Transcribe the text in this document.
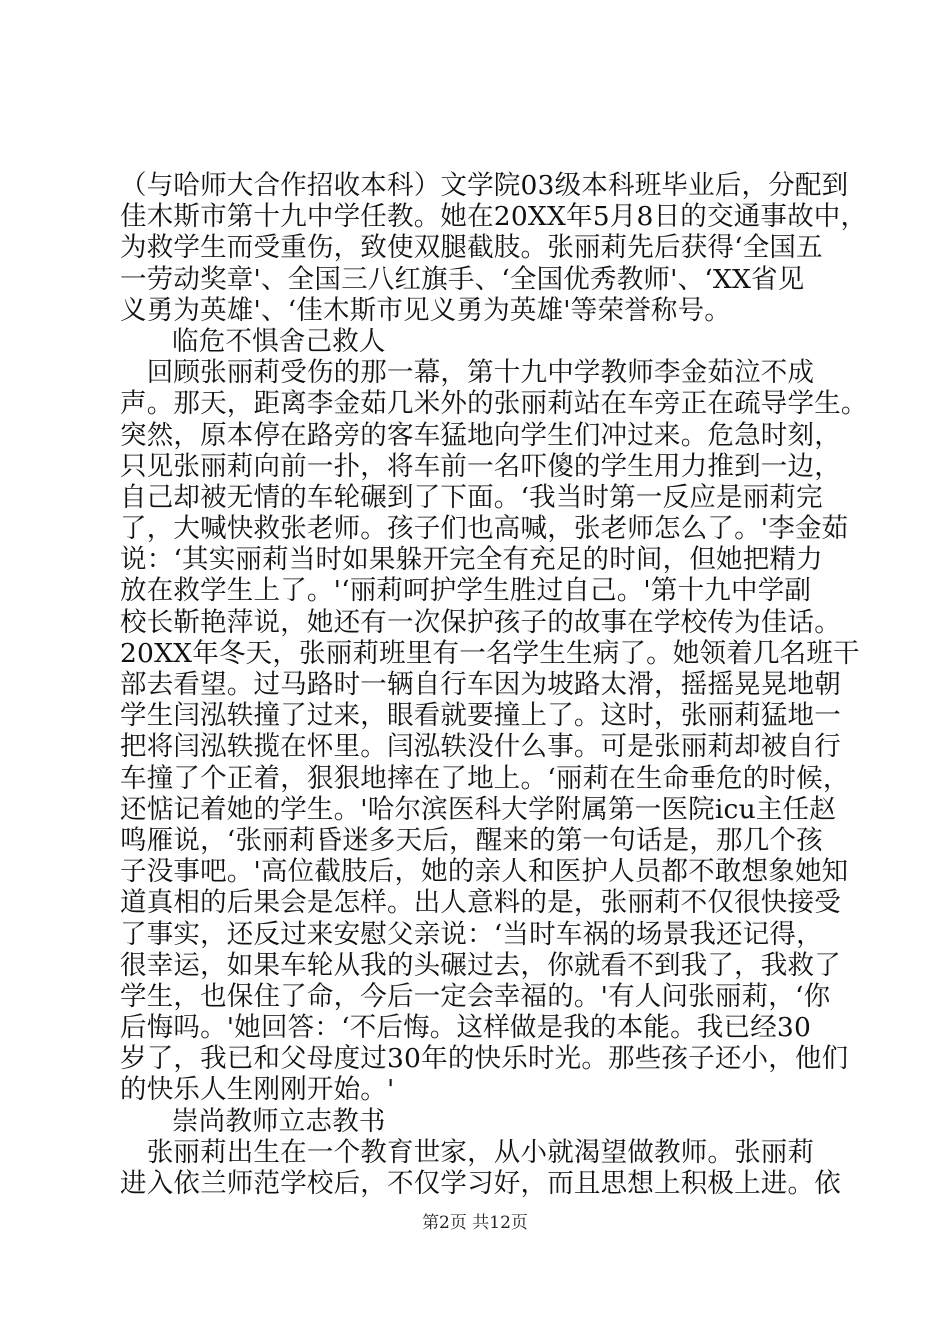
（与哈师大合作招收本科）文学院03级本科班毕业后，分配到
佳木斯市第十九中学任教。她在20XX年5月8日的交通事故中，
为救学生而受重伤，致使双腿截肢。张丽莉先后获得‘全国五
一劳动奖章'、全国三八红旗手、‘全国优秀教师'、‘XX省见
义勇为英雄'、‘佳木斯市见义勇为英雄'等荣誉称号。
临危不惧舍己救人
　回顾张丽莉受伤的那一幕，第十九中学教师李金茹泣不成
声。那天，距离李金茹几米外的张丽莉站在车旁正在疏导学生。
突然，原本停在路旁的客车猛地向学生们冲过来。危急时刻，
只见张丽莉向前一扑，将车前一名吓傻的学生用力推到一边，
自己却被无情的车轮碾到了下面。‘我当时第一反应是丽莉完
了，大喊快救张老师。孩子们也高喊，张老师怎么了。'李金茹
说：‘其实丽莉当时如果躲开完全有充足的时间，但她把精力
放在救学生上了。'‘丽莉呵护学生胜过自己。'第十九中学副
校长靳艳萍说，她还有一次保护孩子的故事在学校传为佳话。
20XX年冬天，张丽莉班里有一名学生生病了。她领着几名班干
部去看望。过马路时一辆自行车因为坡路太滑，摇摇晃晃地朝
学生闫泓轶撞了过来，眼看就要撞上了。这时，张丽莉猛地一
把将闫泓轶揽在怀里。闫泓轶没什么事。可是张丽莉却被自行
车撞了个正着，狠狠地摔在了地上。‘丽莉在生命垂危的时候，
还惦记着她的学生。'哈尔滨医科大学附属第一医院icu主任赵
鸣雁说，‘张丽莉昏迷多天后，醒来的第一句话是，那几个孩
子没事吧。'高位截肢后，她的亲人和医护人员都不敢想象她知
道真相的后果会是怎样。出人意料的是，张丽莉不仅很快接受
了事实，还反过来安慰父亲说：‘当时车祸的场景我还记得，
很幸运，如果车轮从我的头碾过去，你就看不到我了，我救了
学生，也保住了命，今后一定会幸福的。'有人问张丽莉，‘你
后悔吗。'她回答：‘不后悔。这样做是我的本能。我已经30
岁了，我已和父母度过30年的快乐时光。那些孩子还小，他们
的快乐人生刚刚开始。'
崇尚教师立志教书
　张丽莉出生在一个教育世家，从小就渴望做教师。张丽莉
进入依兰师范学校后，不仅学习好，而且思想上积极上进。依
第2页 共12页
